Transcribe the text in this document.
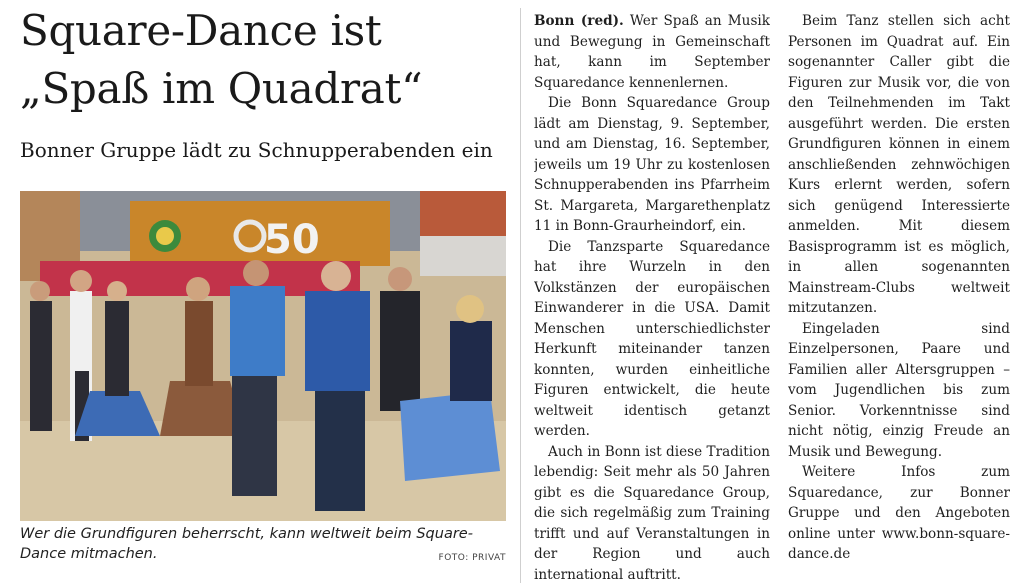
Square-Dance ist
„Spaß im Quadrat“
Bonner Gruppe lädt zu Schnupperabenden ein
50
Wer die Grundfiguren beherrscht, kann weltweit beim Square-Dance mitmachen.	FOTO: PRIVAT

Bonn (red). Wer Spaß an Musik und Bewegung in Gemeinschaft hat, kann im September Squaredance kennenlernen.

Die Bonn Squaredance Group lädt am Dienstag, 9. September, und am Dienstag, 16. September, jeweils um 19 Uhr zu kostenlosen Schnupperabenden ins Pfarrheim St. Margareta, Margarethenplatz 11 in Bonn-Graurheindorf, ein.

Die Tanzsparte Squaredance hat ihre Wurzeln in den Volkstänzen der europäischen Einwanderer in die USA. Damit Menschen unterschiedlichster Herkunft miteinander tanzen konnten, wurden einheitliche Figuren entwickelt, die heute weltweit identisch getanzt werden.

Auch in Bonn ist diese Tradition lebendig: Seit mehr als 50 Jahren gibt es die Squaredance Group, die sich regelmäßig zum Training trifft und auf Veranstaltungen in der Region und auch international auftritt.

Beim Tanz stellen sich acht Personen im Quadrat auf. Ein sogenannter Caller gibt die Figuren zur Musik vor, die von den Teilnehmenden im Takt ausgeführt werden. Die ersten Grundfiguren können in einem anschließenden zehnwöchigen Kurs erlernt werden, sofern sich genügend Interessierte anmelden. Mit diesem Basisprogramm ist es möglich, in allen sogenannten Mainstream-Clubs weltweit mitzutanzen.

Eingeladen sind Einzelpersonen, Paare und Familien aller Altersgruppen – vom Jugendlichen bis zum Senior. Vorkenntnisse sind nicht nötig, einzig Freude an Musik und Bewegung.

Weitere Infos zum Squaredance, zur Bonner Gruppe und den Angeboten online unter www.bonn-square-dance.de
